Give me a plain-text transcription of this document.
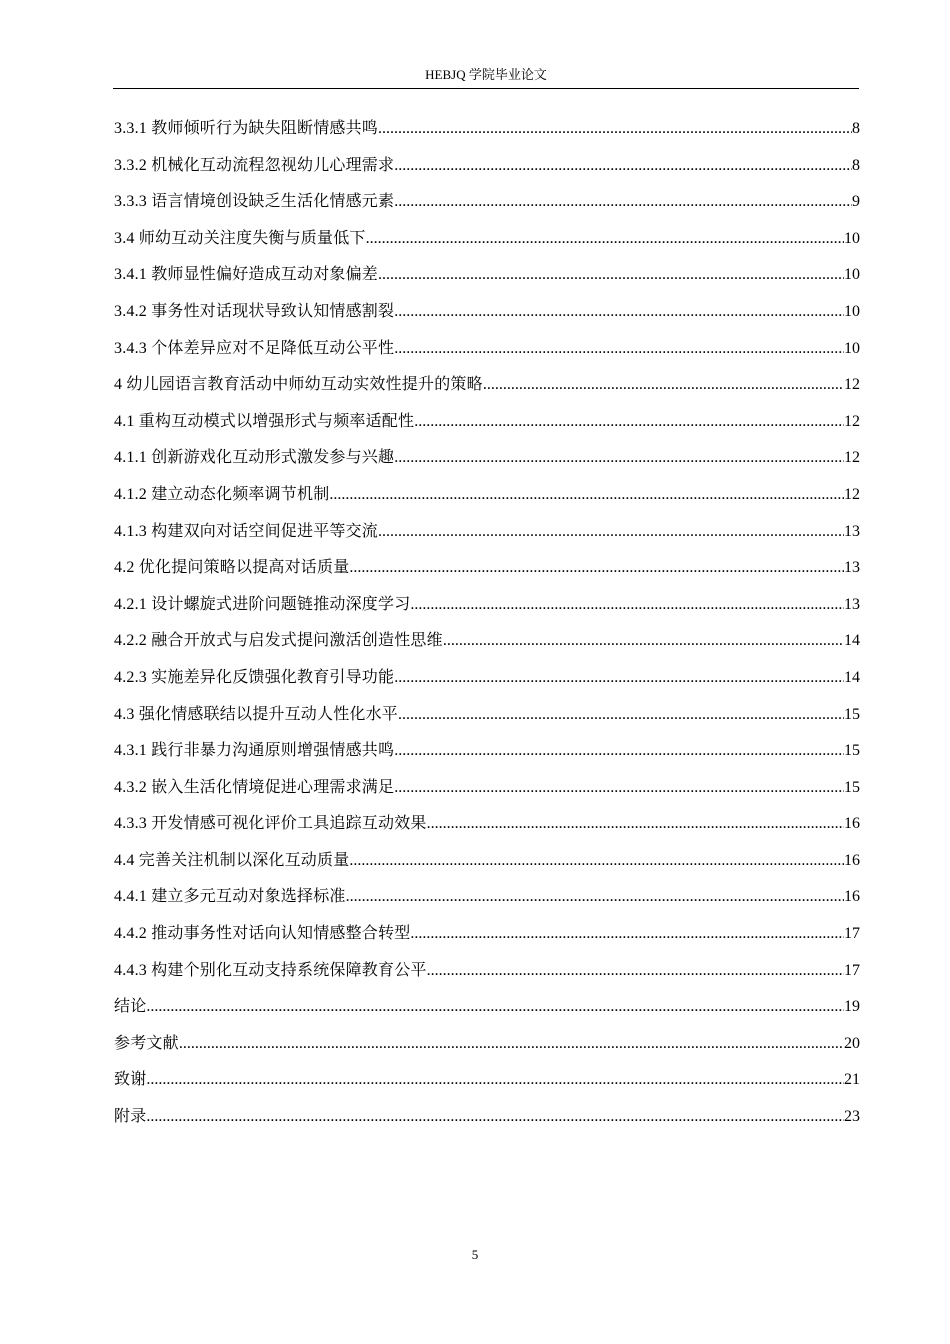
HEBJQ 学院毕业论文
3.3.1 教师倾听行为缺失阻断情感共鸣 .....	8
3.3.2 机械化互动流程忽视幼儿心理需求 .....	8
3.3.3 语言情境创设缺乏生活化情感元素 .....	9
3.4 师幼互动关注度失衡与质量低下 .....	10
3.4.1 教师显性偏好造成互动对象偏差 .....	10
3.4.2 事务性对话现状导致认知情感割裂 .....	10
3.4.3 个体差异应对不足降低互动公平性 .....	10
4 幼儿园语言教育活动中师幼互动实效性提升的策略 .....	12
4.1 重构互动模式以增强形式与频率适配性 .....	12
4.1.1 创新游戏化互动形式激发参与兴趣 .....	12
4.1.2 建立动态化频率调节机制 .....	12
4.1.3 构建双向对话空间促进平等交流 .....	13
4.2 优化提问策略以提高对话质量 .....	13
4.2.1 设计螺旋式进阶问题链推动深度学习 .....	13
4.2.2 融合开放式与启发式提问激活创造性思维 .....	14
4.2.3 实施差异化反馈强化教育引导功能 .....	14
4.3 强化情感联结以提升互动人性化水平 .....	15
4.3.1 践行非暴力沟通原则增强情感共鸣 .....	15
4.3.2 嵌入生活化情境促进心理需求满足 .....	15
4.3.3 开发情感可视化评价工具追踪互动效果 .....	16
4.4 完善关注机制以深化互动质量 .....	16
4.4.1 建立多元互动对象选择标准 .....	16
4.4.2 推动事务性对话向认知情感整合转型 .....	17
4.4.3 构建个别化互动支持系统保障教育公平 .....	17
结论 .....	19
参考文献 .....	20
致谢 .....	21
附录 .....	23
5
